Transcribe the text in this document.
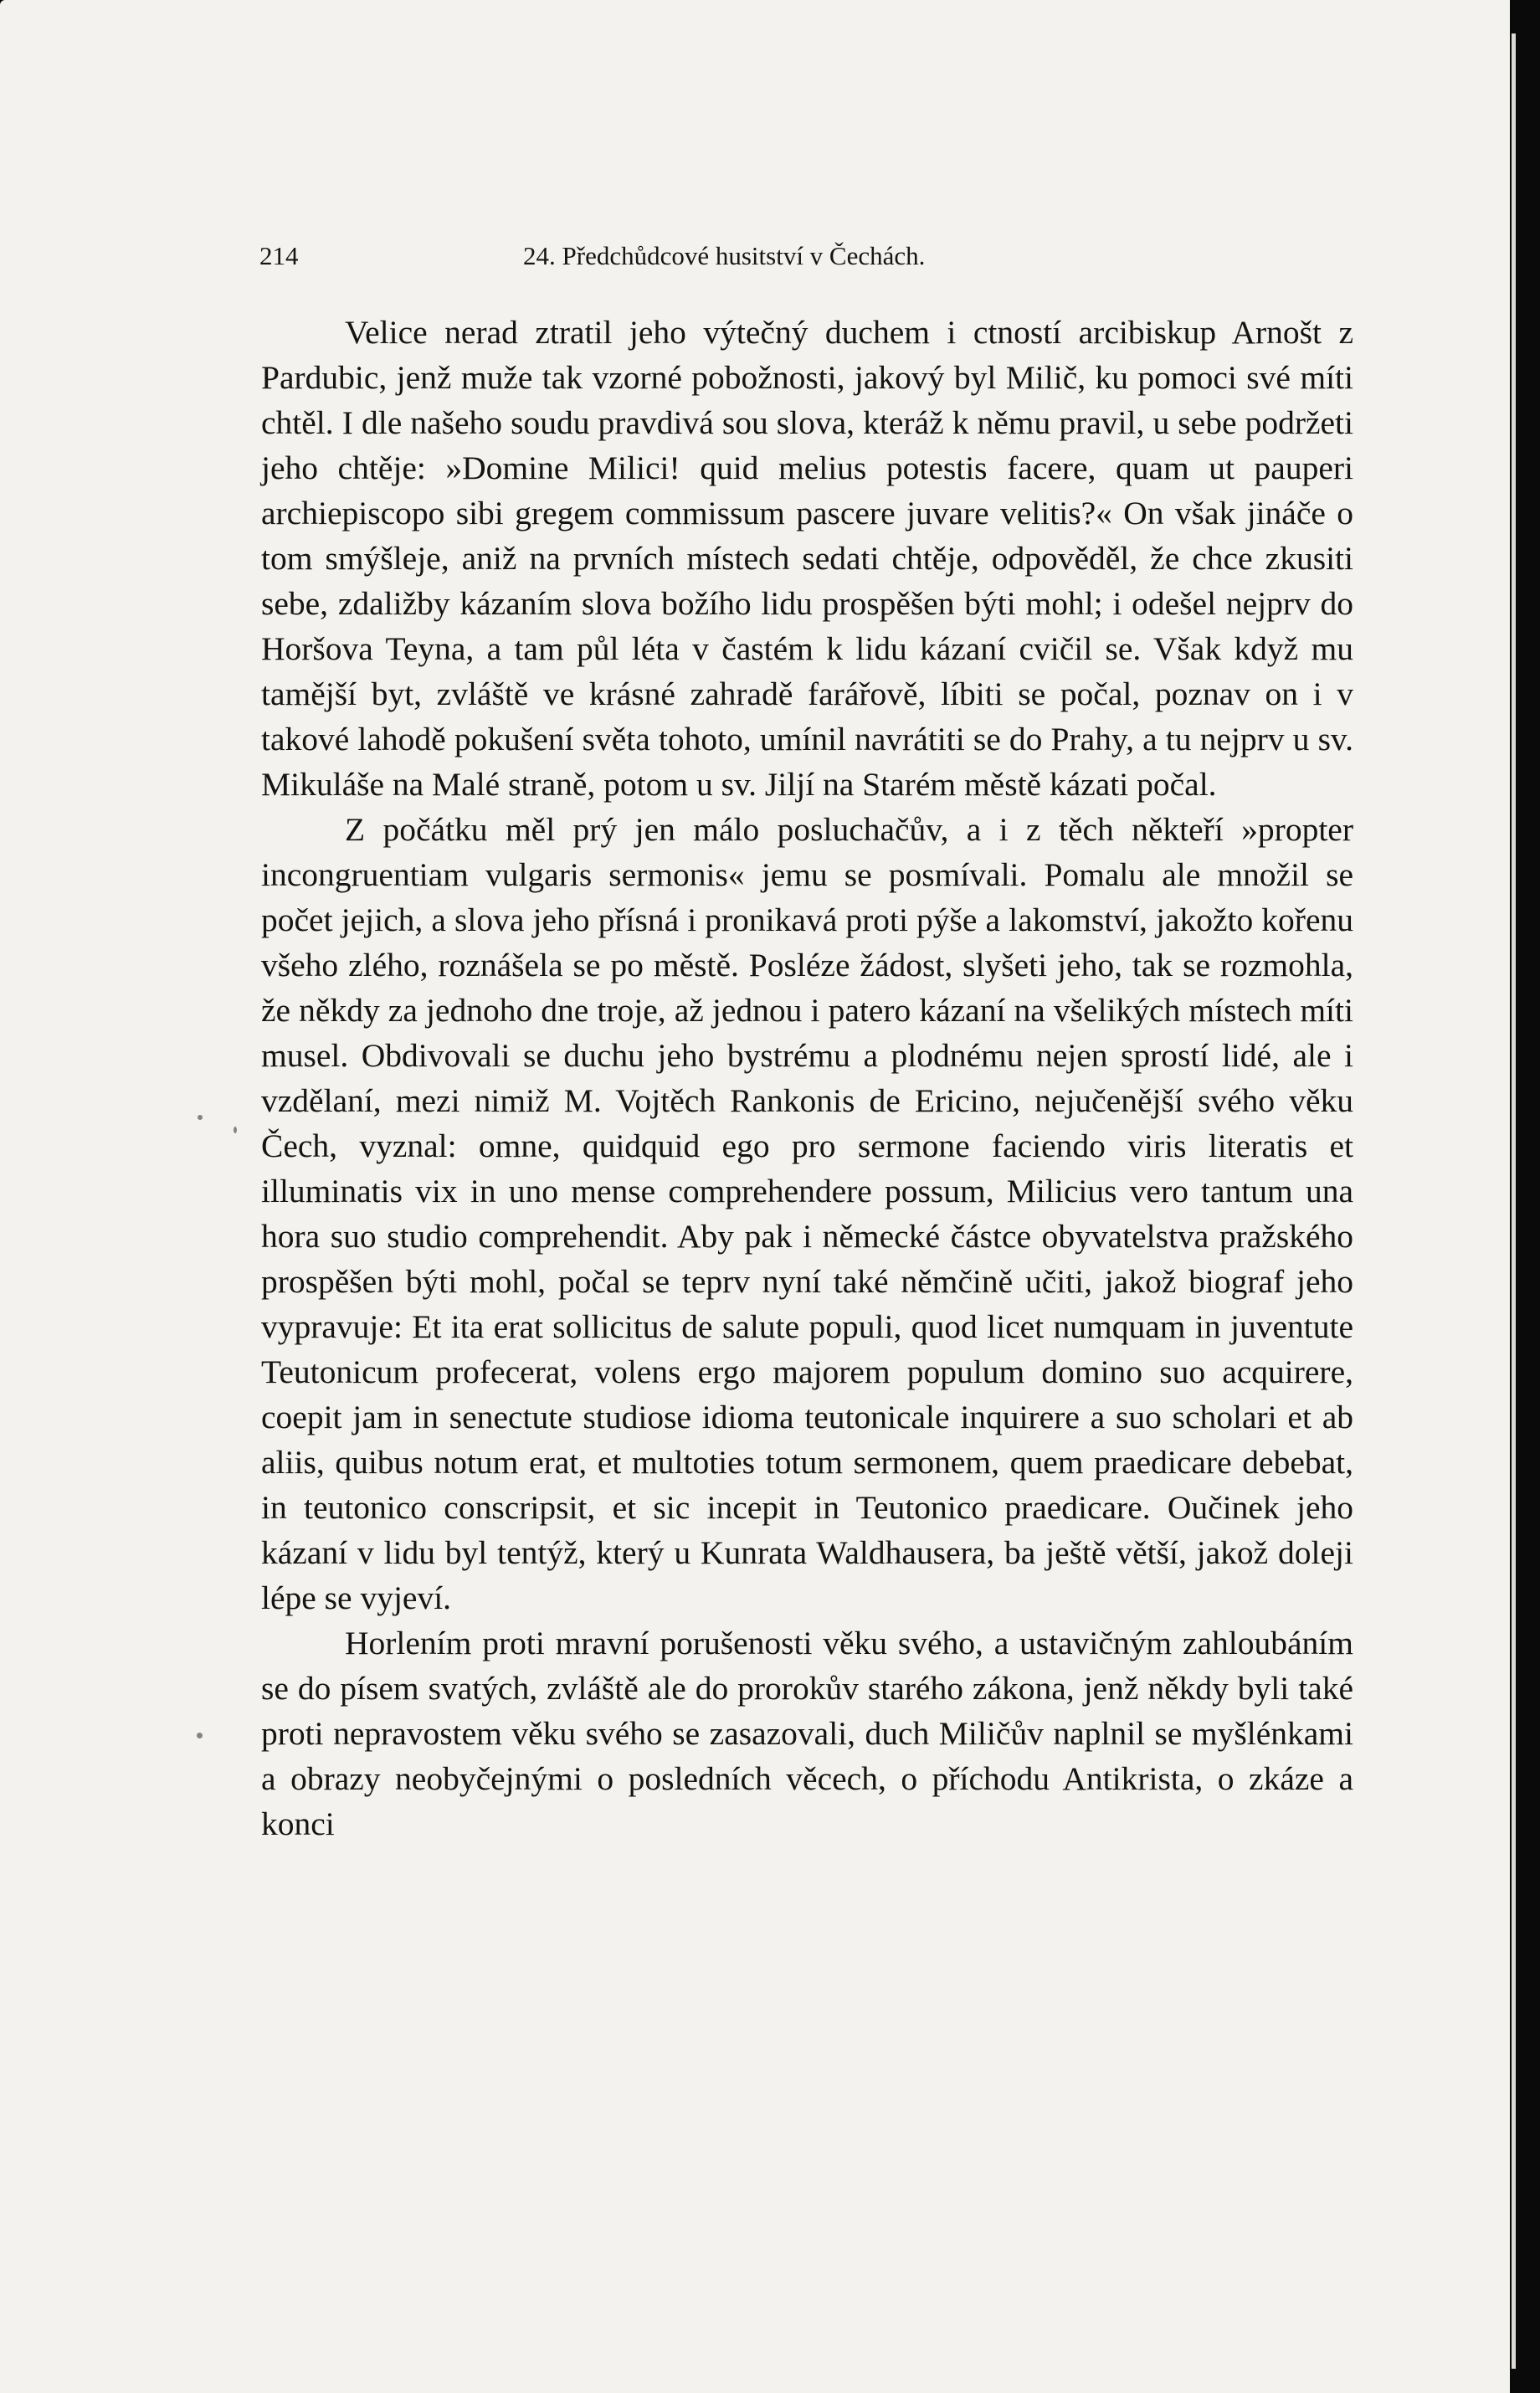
214	24. Předchůdcové husitství v Čechách.

Velice nerad ztratil jeho výtečný duchem i ctností arcibiskup Arnošt z Pardubic, jenž muže tak vzorné pobožnosti, jakový byl Milič, ku pomoci své míti chtěl. I dle našeho soudu pravdivá sou slova, kteráž k němu pravil, u sebe podržeti jeho chtěje: »Domine Milici! quid melius potestis facere, quam ut pauperi archiepiscopo sibi gregem commissum pascere juvare velitis?« On však jináče o tom smýšleje, aniž na prvních místech sedati chtěje, odpověděl, že chce zkusiti sebe, zdaližby kázaním slova božího lidu prospěšen býti mohl; i odešel nejprv do Horšova Teyna, a tam půl léta v častém k lidu kázaní cvičil se. Však když mu tamější byt, zvláště ve krásné zahradě farářově, líbiti se počal, poznav on i v takové lahodě pokušení světa tohoto, umínil navrátiti se do Prahy, a tu nejprv u sv. Mikuláše na Malé straně, potom u sv. Jiljí na Starém městě kázati počal.

Z počátku měl prý jen málo posluchačův, a i z těch někteří »propter incongruentiam vulgaris sermonis« jemu se posmívali. Pomalu ale množil se počet jejich, a slova jeho přísná i pronikavá proti pýše a lakomství, jakožto kořenu všeho zlého, roznášela se po městě. Posléze žádost, slyšeti jeho, tak se rozmohla, že někdy za jednoho dne troje, až jednou i patero kázaní na všelikých místech míti musel. Obdivovali se duchu jeho bystrému a plodnému nejen sprostí lidé, ale i vzdělaní, mezi nimiž M. Vojtěch Rankonis de Ericino, nejučenější svého věku Čech, vyznal: omne, quidquid ego pro sermone faciendo viris literatis et illuminatis vix in uno mense comprehendere possum, Milicius vero tantum una hora suo studio comprehendit. Aby pak i německé částce obyvatelstva pražského prospěšen býti mohl, počal se teprv nyní také němčině učiti, jakož biograf jeho vypravuje: Et ita erat sollicitus de salute populi, quod licet numquam in juventute Teutonicum profecerat, volens ergo majorem populum domino suo acquirere, coepit jam in senectute studiose idioma teutonicale inquirere a suo scholari et ab aliis, quibus notum erat, et multoties totum sermonem, quem praedicare debebat, in teutonico conscripsit, et sic incepit in Teutonico praedicare. Oučinek jeho kázaní v lidu byl tentýž, který u Kunrata Waldhausera, ba ještě větší, jakož doleji lépe se vyjeví.

Horlením proti mravní porušenosti věku svého, a ustavičným zahloubáním se do písem svatých, zvláště ale do prorokův starého zákona, jenž někdy byli také proti nepravostem věku svého se zasazovali, duch Miličův naplnil se myšlénkami a obrazy neobyčejnými o posledních věcech, o příchodu Antikrista, o zkáze a konci
